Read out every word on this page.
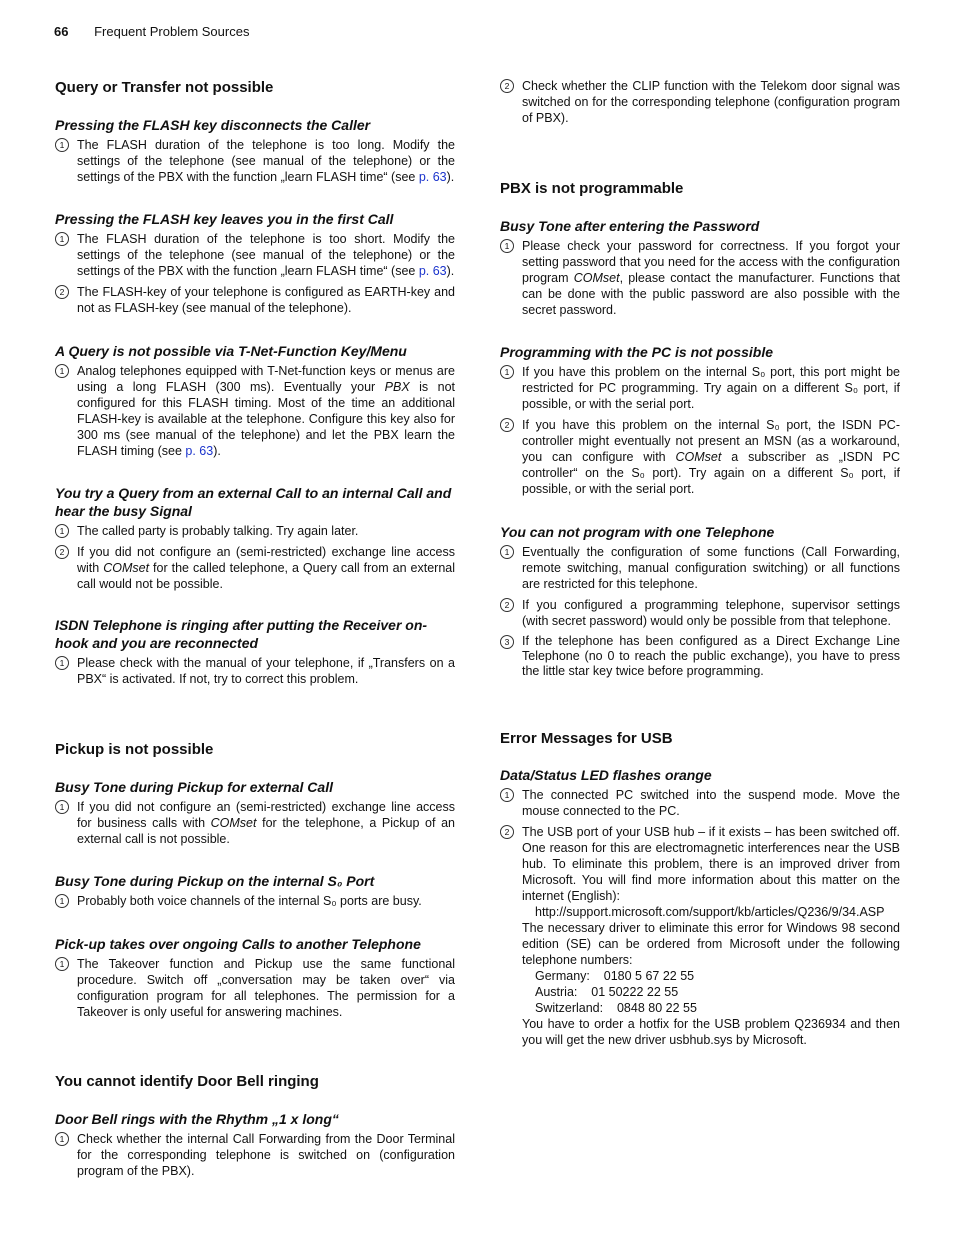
66 Frequent Problem Sources
Query or Transfer not possible
Pressing the FLASH key disconnects the Caller
1	The FLASH duration of the telephone is too long. Modify the settings of the telephone (see manual of the telephone) or the settings of the PBX with the function „learn FLASH time“ (see p. 63).
Pressing the FLASH key leaves you in the first Call
1	The FLASH duration of the telephone is too short. Modify the settings of the telephone (see manual of the telephone) or the settings of the PBX with the function „learn FLASH time“ (see p. 63).
2	The FLASH-key of your telephone is configured as EARTH-key and not as FLASH-key (see manual of the telephone).
A Query is not possible via T-Net-Function Key/Menu
1	Analog telephones equipped with T-Net-function keys or menus are using a long FLASH (300 ms). Eventually your PBX is not configured for this FLASH timing. Most of the time an additional FLASH-key is available at the telephone. Configure this key also for 300 ms (see manual of the telephone) and let the PBX learn the FLASH timing (see p. 63).
You try a Query from an external Call to an internal Call and hear the busy Signal
1	The called party is probably talking. Try again later.
2	If you did not configure an (semi-restricted) exchange line access with COMset for the called telephone, a Query call from an external call would not be possible.
ISDN Telephone is ringing after putting the Receiver on-hook and you are reconnected
1	Please check with the manual of your telephone, if „Transfers on a PBX“ is activated. If not, try to correct this problem.
Pickup is not possible
Busy Tone during Pickup for external Call
1	If you did not configure an (semi-restricted) exchange line access for business calls with COMset for the telephone, a Pickup of an external call is not possible.
Busy Tone during Pickup on the internal S₀ Port
1	Probably both voice channels of the internal S₀ ports are busy.
Pick-up takes over ongoing Calls to another Telephone
1	The Takeover function and Pickup use the same functional procedure. Switch off „conversation may be taken over“ via configuration program for all telephones. The permission for a Takeover is only useful for answering machines.
You cannot identify Door Bell ringing
Door Bell rings with the Rhythm „1 x long“
1	Check whether the internal Call Forwarding from the Door Terminal for the corresponding telephone is switched on (configuration program of the PBX).
2	Check whether the CLIP function with the Telekom door signal was switched on for the corresponding telephone (configuration program of PBX).
PBX is not programmable
Busy Tone after entering the Password
1	Please check your password for correctness. If you forgot your setting password that you need for the access with the configuration program COMset, please contact the manufacturer. Functions that can be done with the public password are also possible with the secret password.
Programming with the PC is not possible
1	If you have this problem on the internal S₀ port, this port might be restricted for PC programming. Try again on a different S₀ port, if possible, or with the serial port.
2	If you have this problem on the internal S₀ port, the ISDN PC-controller might eventually not present an MSN (as a workaround, you can configure with COMset a subscriber as „ISDN PC controller“ on the S₀ port). Try again on a different S₀ port, if possible, or with the serial port.
You can not program with one Telephone
1	Eventually the configuration of some functions (Call Forwarding, remote switching, manual configuration switching) or all functions are restricted for this telephone.
2	If you configured a programming telephone, supervisor settings (with secret password) would only be possible from that telephone.
3	If the telephone has been configured as a Direct Exchange Line Telephone (no 0 to reach the public exchange), you have to press the little star key twice before programming.
Error Messages for USB
Data/Status LED flashes orange
1	The connected PC switched into the suspend mode. Move the mouse connected to the PC.
2	The USB port of your USB hub – if it exists – has been switched off. One reason for this are electromagnetic interferences near the USB hub. To eliminate this problem, there is an improved driver from Microsoft. You will find more information about this matter on the internet (English):
http://support.microsoft.com/support/kb/articles/Q236/9/34.ASP
The necessary driver to eliminate this error for Windows 98 second edition (SE) can be ordered from Microsoft under the following telephone numbers:
Germany:    0180 5 67 22 55
Austria:    01 50222 22 55
Switzerland:    0848 80 22 55
You have to order a hotfix for the USB problem Q236934 and then you will get the new driver usbhub.sys by Microsoft.
